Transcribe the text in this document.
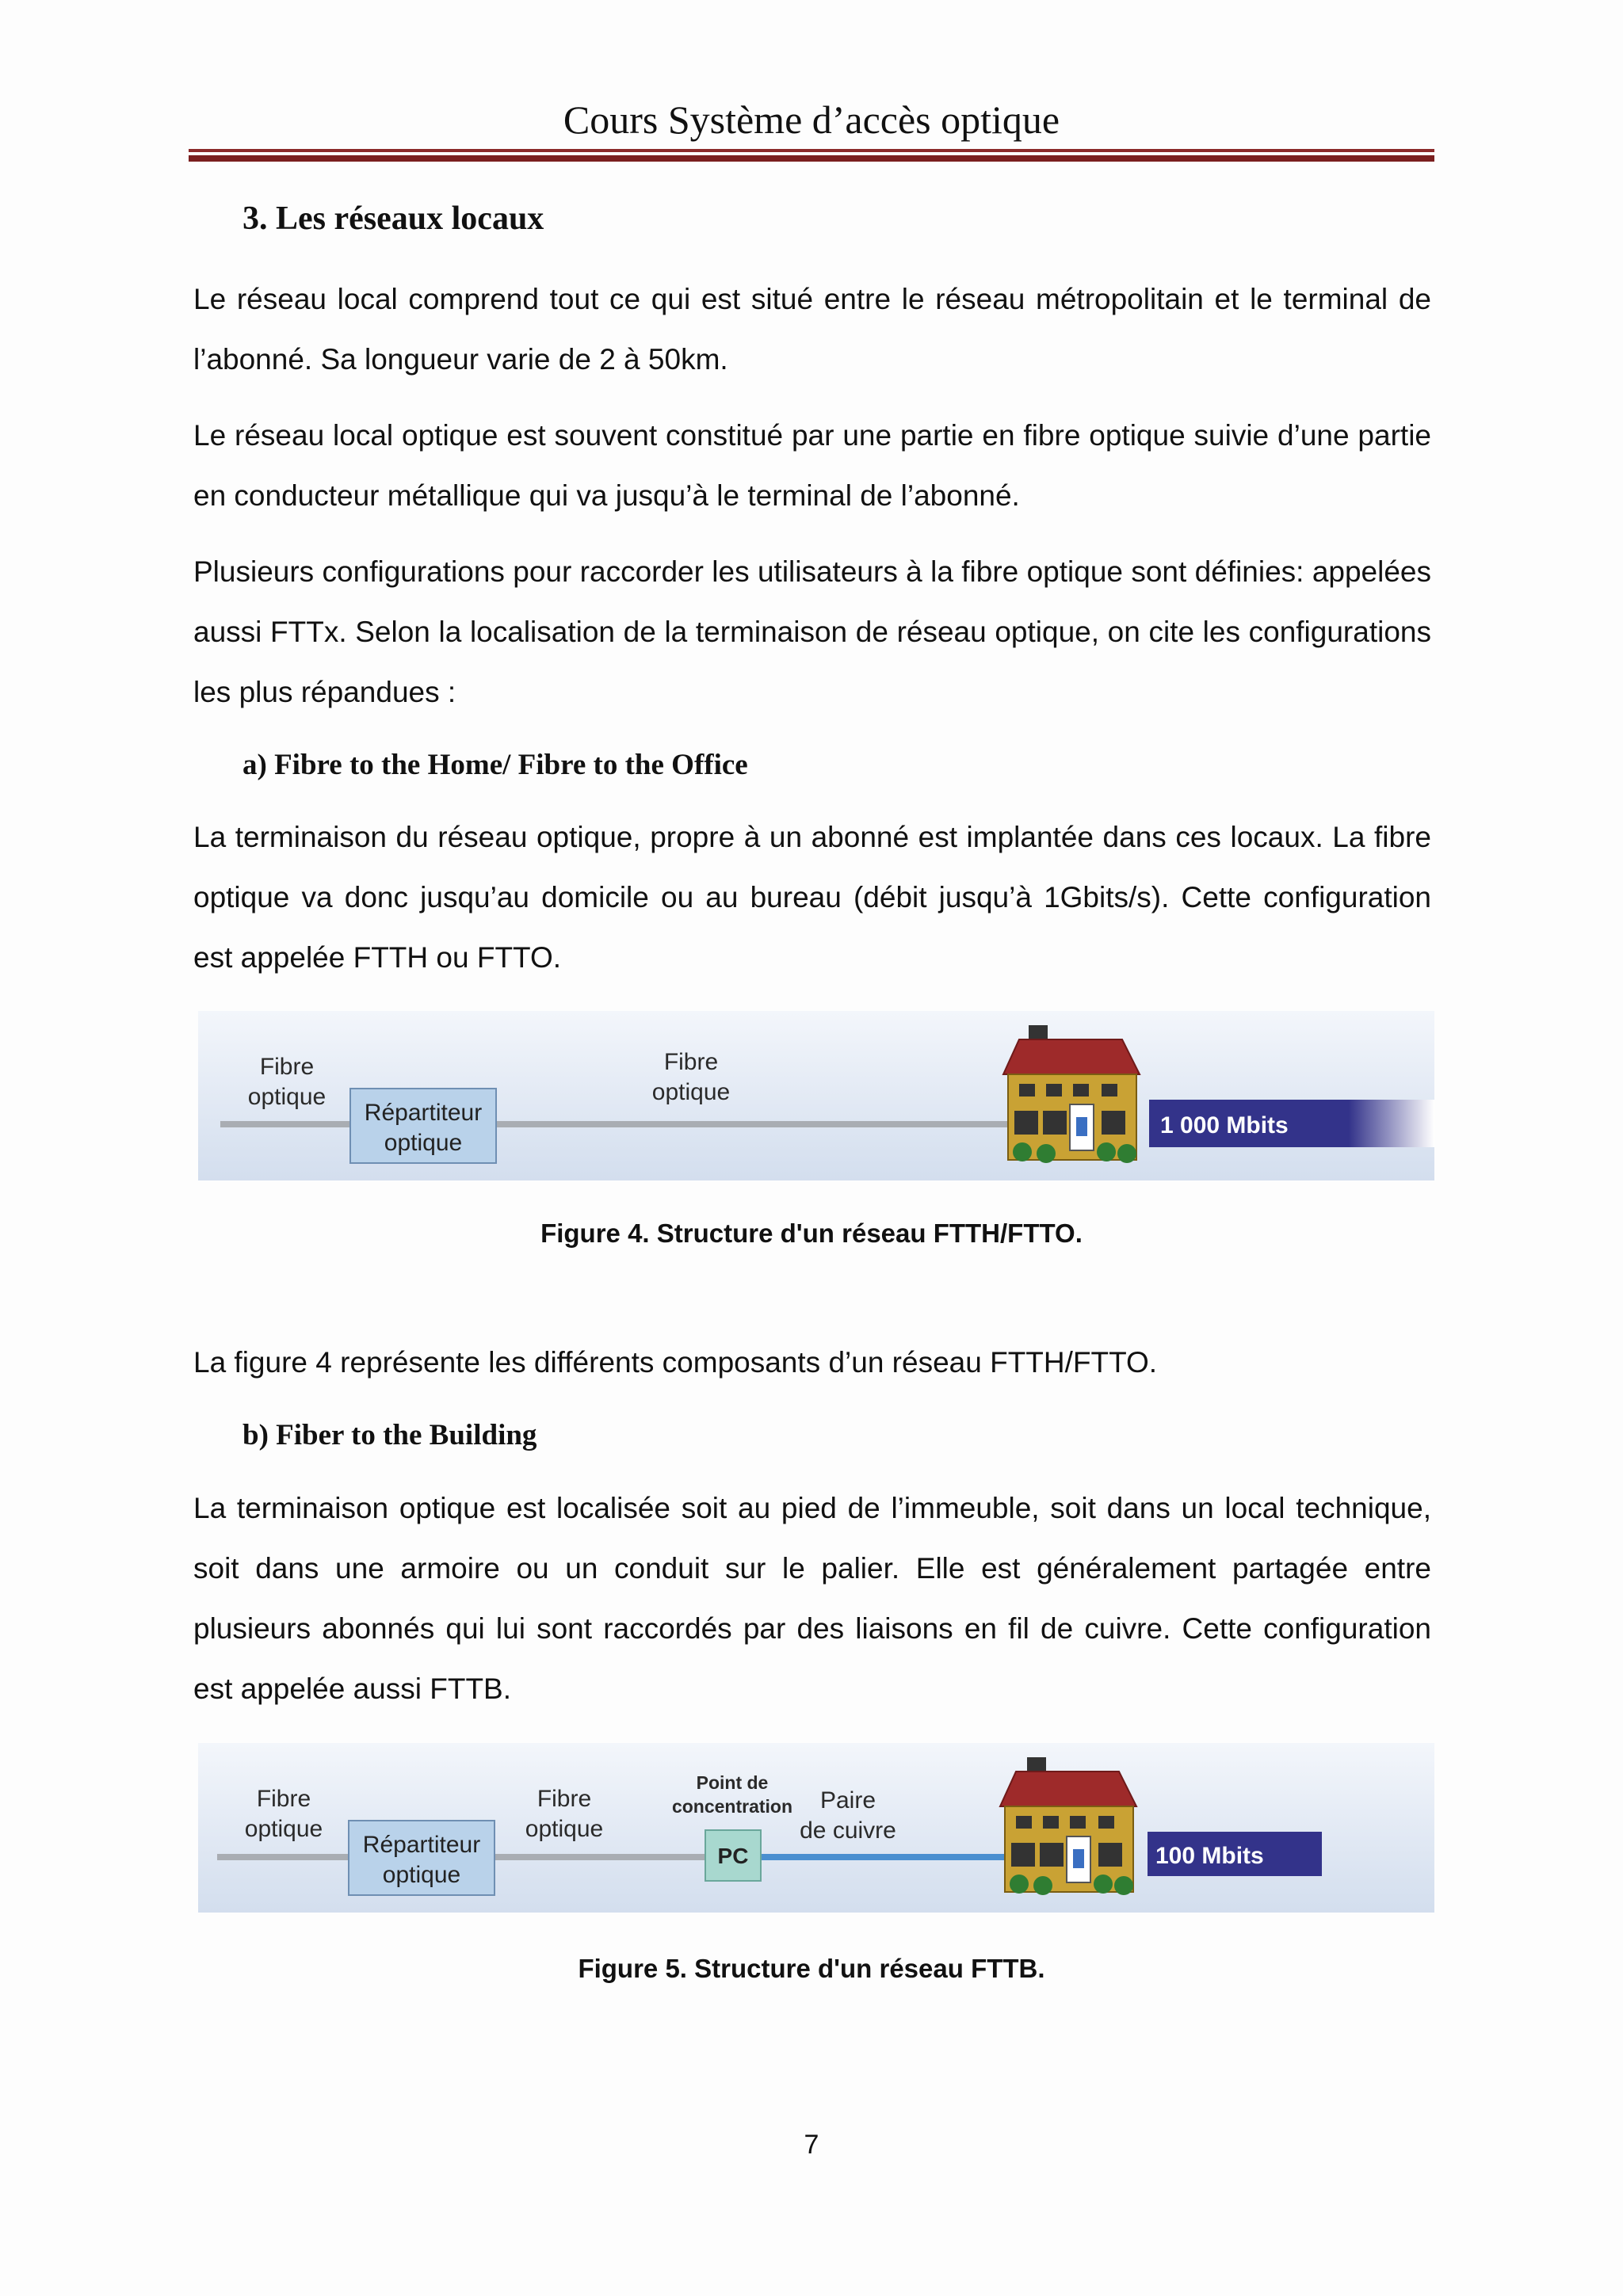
Cours Système d’accès optique
3. Les réseaux locaux

Le réseau local comprend tout ce qui est situé entre le réseau métropolitain et le terminal de l’abonné. Sa longueur varie de 2 à 50km.

Le réseau local optique est souvent constitué par une partie en fibre optique suivie d’une partie en conducteur métallique qui va jusqu’à le terminal de l’abonné.

Plusieurs configurations pour raccorder les utilisateurs à la fibre optique sont définies: appelées aussi FTTx. Selon la localisation de la terminaison de réseau optique, on cite les configurations les plus répandues :

a) Fibre to the Home/ Fibre to the Office

La terminaison du réseau optique, propre à un abonné est implantée dans ces locaux. La fibre optique va donc jusqu’au domicile ou au bureau (débit jusqu’à 1Gbits/s). Cette configuration est appelée FTTH ou FTTO.

Fibre
optique
Répartiteur
optique
Fibre
optique
1 000 Mbits
Figure 4. Structure d'un réseau FTTH/FTTO.

La figure 4 représente les différents composants d’un réseau FTTH/FTTO.

b) Fiber to the Building

La terminaison optique est localisée soit au pied de l’immeuble, soit dans un local technique, soit dans une armoire ou un conduit sur le palier. Elle est généralement partagée entre plusieurs abonnés qui lui sont raccordés par des liaisons en fil de cuivre. Cette configuration est appelée aussi FTTB.

Fibre
optique
Répartiteur
optique
Fibre
optique
Point de
concentration
PC
Paire
de cuivre
100 Mbits
Figure 5. Structure d'un réseau FTTB.
7
